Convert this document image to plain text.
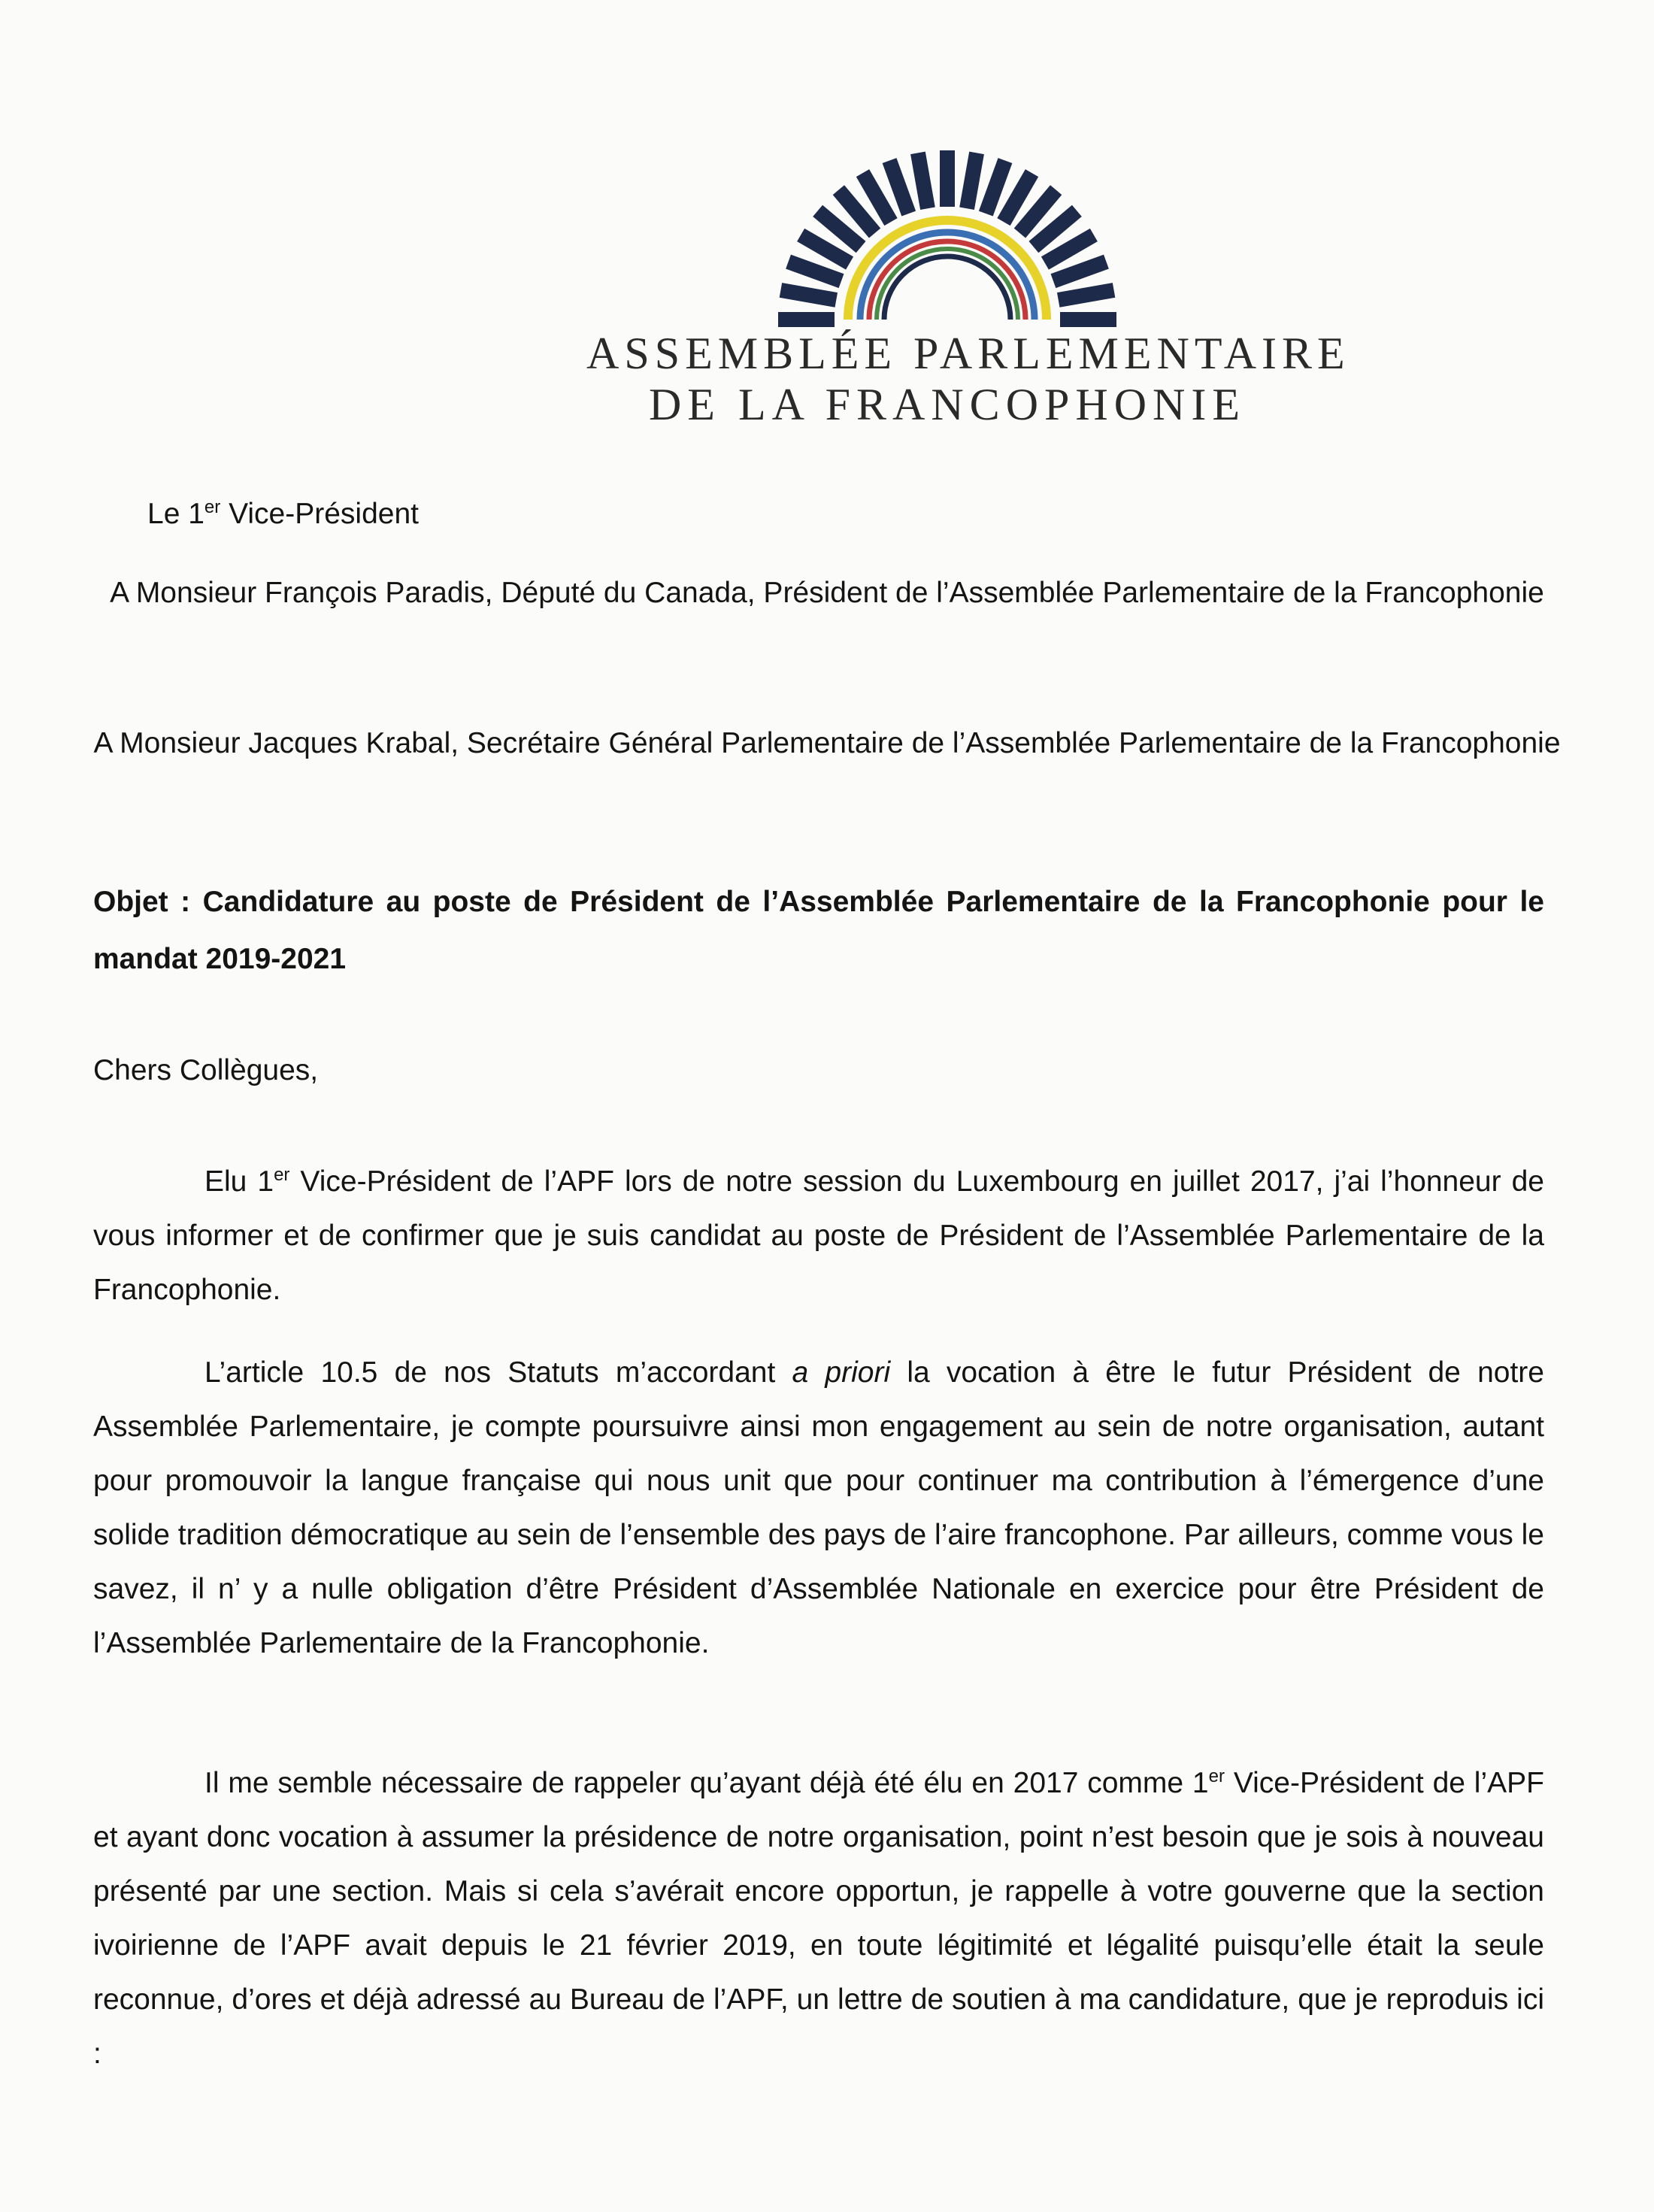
ASSEMBLÉE PARLEMENTAIRE
DE LA FRANCOPHONIE
Le 1er Vice-Président
A Monsieur François Paradis, Député du Canada, Président de l’Assemblée Parlementaire de la Francophonie
A Monsieur Jacques Krabal, Secrétaire Général Parlementaire de l’Assemblée Parlementaire de la Francophonie
Objet : Candidature au poste de Président de l’Assemblée Parlementaire de la Francophonie pour le mandat 2019-2021
Chers Collègues,
Elu 1er Vice-Président de l’APF lors de notre session du Luxembourg en juillet 2017, j’ai l’honneur de vous informer et de confirmer que je suis candidat au poste de Président de l’Assemblée Parlementaire de la Francophonie.
L’article 10.5 de nos Statuts m’accordant a priori la vocation à être le futur Président de notre Assemblée Parlementaire, je compte poursuivre ainsi mon engagement au sein de notre organisation, autant pour promouvoir la langue française qui nous unit que pour continuer ma contribution à l’émergence d’une solide tradition démocratique au sein de l’ensemble des pays de l’aire francophone. Par ailleurs, comme vous le savez, il n’ y a nulle obligation d’être Président d’Assemblée Nationale en exercice pour être Président de l’Assemblée Parlementaire de la Francophonie.
Il me semble nécessaire de rappeler qu’ayant déjà été élu en 2017 comme 1er Vice-Président de l’APF et ayant donc vocation à assumer la présidence de notre organisation, point n’est besoin que je sois à nouveau présenté par une section. Mais si cela s’avérait encore opportun, je rappelle à votre gouverne que la section ivoirienne de l’APF avait depuis le 21 février 2019, en toute légitimité et légalité puisqu’elle était la seule reconnue, d’ores et déjà adressé au Bureau de l’APF, un lettre de soutien à ma candidature, que je reproduis ici :
